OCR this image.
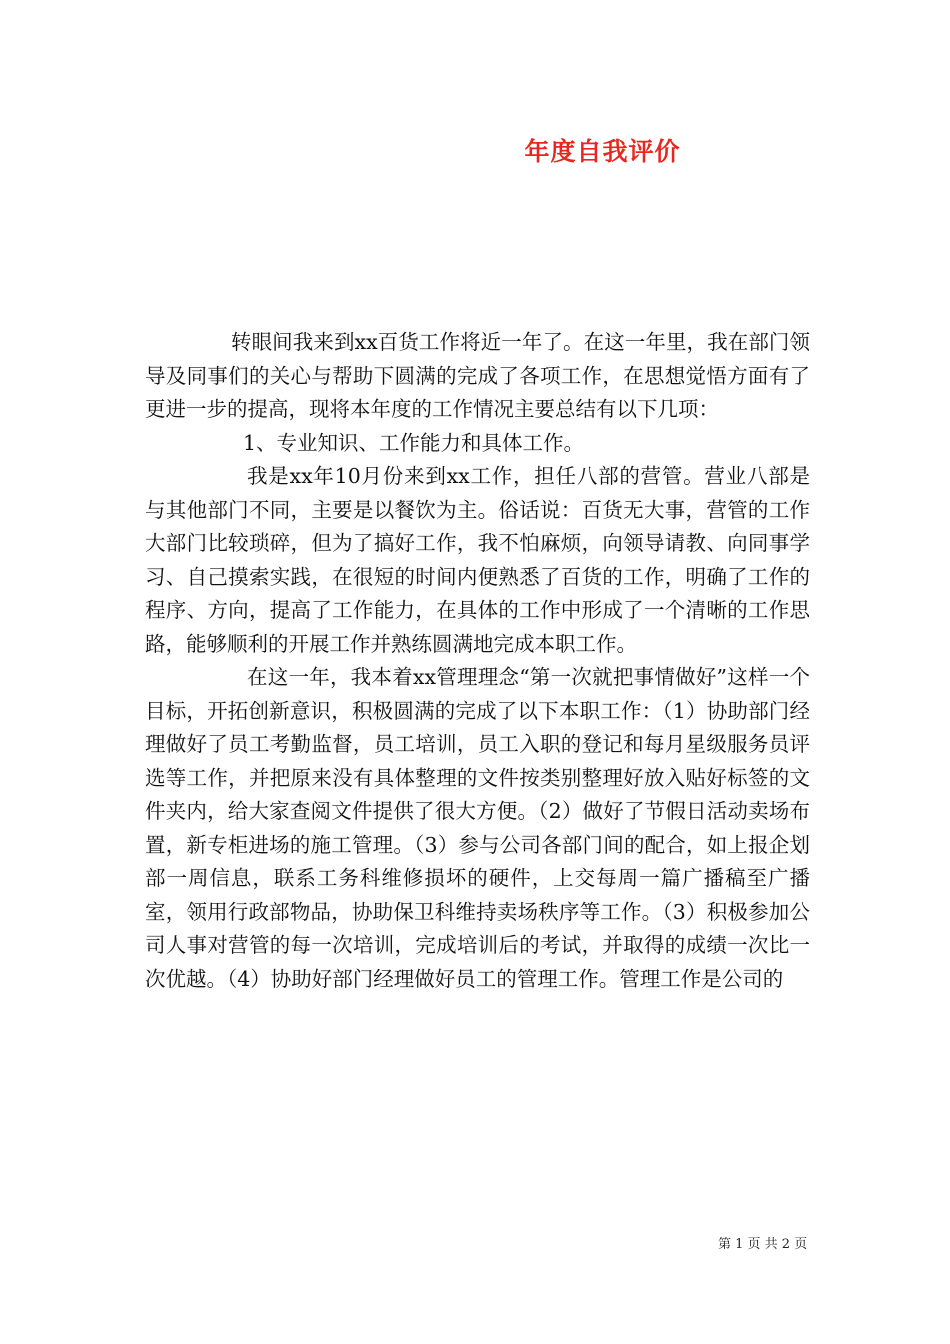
年度自我评价

转眼间我来到xx百货工作将近一年了。在这一年里，我在部门领导及同事们的关心与帮助下圆满的完成了各项工作，在思想觉悟方面有了更进一步的提高，现将本年度的工作情况主要总结有以下几项：

1、专业知识、工作能力和具体工作。

我是xx年10月份来到xx工作，担任八部的营管。营业八部是与其他部门不同，主要是以餐饮为主。俗话说：百货无大事，营管的工作大部门比较琐碎，但为了搞好工作，我不怕麻烦，向领导请教、向同事学习、自己摸索实践，在很短的时间内便熟悉了百货的工作，明确了工作的程序、方向，提高了工作能力，在具体的工作中形成了一个清晰的工作思路，能够顺利的开展工作并熟练圆满地完成本职工作。

在这一年，我本着xx管理理念“第一次就把事情做好”这样一个目标，开拓创新意识，积极圆满的完成了以下本职工作：（1）协助部门经理做好了员工考勤监督，员工培训，员工入职的登记和每月星级服务员评选等工作，并把原来没有具体整理的文件按类别整理好放入贴好标签的文件夹内，给大家查阅文件提供了很大方便。（2）做好了节假日活动卖场布置，新专柜进场的施工管理。（3）参与公司各部门间的配合，如上报企划部一周信息，联系工务科维修损坏的硬件，上交每周一篇广播稿至广播室，领用行政部物品，协助保卫科维持卖场秩序等工作。（3）积极参加公司人事对营管的每一次培训，完成培训后的考试，并取得的成绩一次比一次优越。（4）协助好部门经理做好员工的管理工作。管理工作是公司的

第 1 页 共 2 页
